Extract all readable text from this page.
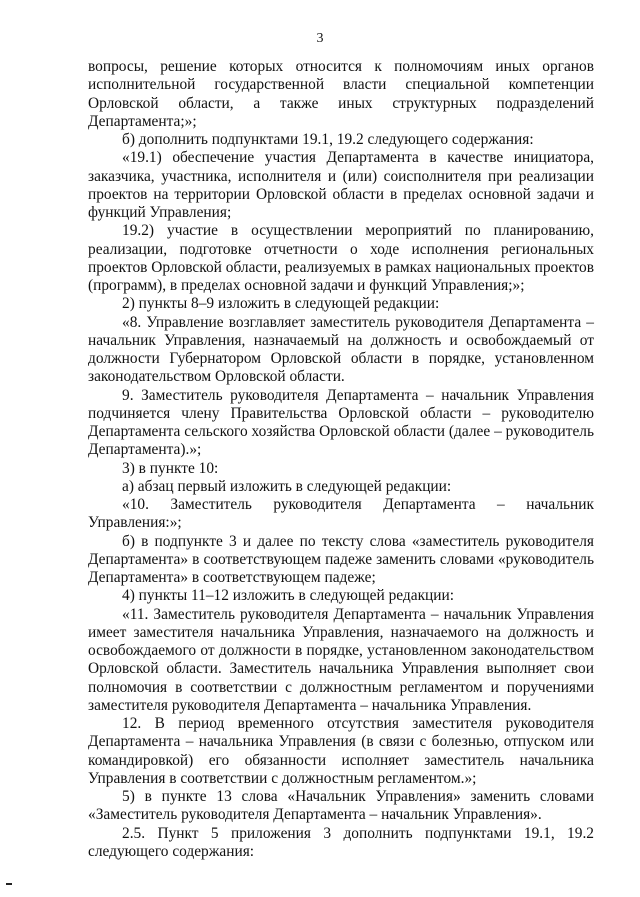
3

вопросы, решение которых относится к полномочиям иных органов исполнительной государственной власти специальной компетенции Орловской области, а также иных структурных подразделений Департамента;»;

б) дополнить подпунктами 19.1, 19.2 следующего содержания:

«19.1) обеспечение участия Департамента в качестве инициатора, заказчика, участника, исполнителя и (или) соисполнителя при реализации проектов на территории Орловской области в пределах основной задачи и функций Управления;

19.2) участие в осуществлении мероприятий по планированию, реализации, подготовке отчетности о ходе исполнения региональных проектов Орловской области, реализуемых в рамках национальных проектов (программ), в пределах основной задачи и функций Управления;»;

2) пункты 8–9 изложить в следующей редакции:

«8. Управление возглавляет заместитель руководителя Департамента – начальник Управления, назначаемый на должность и освобождаемый от должности Губернатором Орловской области в порядке, установленном законодательством Орловской области.

9. Заместитель руководителя Департамента – начальник Управления подчиняется члену Правительства Орловской области – руководителю Департамента сельского хозяйства Орловской области (далее – руководитель Департамента).»;

3) в пункте 10:

а) абзац первый изложить в следующей редакции:

«10. Заместитель руководителя Департамента – начальник Управления:»;

б) в подпункте 3 и далее по тексту слова «заместитель руководителя Департамента» в соответствующем падеже заменить словами «руководитель Департамента» в соответствующем падеже;

4) пункты 11–12 изложить в следующей редакции:

«11. Заместитель руководителя Департамента – начальник Управления имеет заместителя начальника Управления, назначаемого на должность и освобождаемого от должности в порядке, установленном законодательством Орловской области. Заместитель начальника Управления выполняет свои полномочия в соответствии с должностным регламентом и поручениями заместителя руководителя Департамента – начальника Управления.

12. В период временного отсутствия заместителя руководителя Департамента – начальника Управления (в связи с болезнью, отпуском или командировкой) его обязанности исполняет заместитель начальника Управления в соответствии с должностным регламентом.»;

5) в пункте 13 слова «Начальник Управления» заменить словами «Заместитель руководителя Департамента – начальник Управления».

2.5. Пункт 5 приложения 3 дополнить подпунктами 19.1, 19.2 следующего содержания:
